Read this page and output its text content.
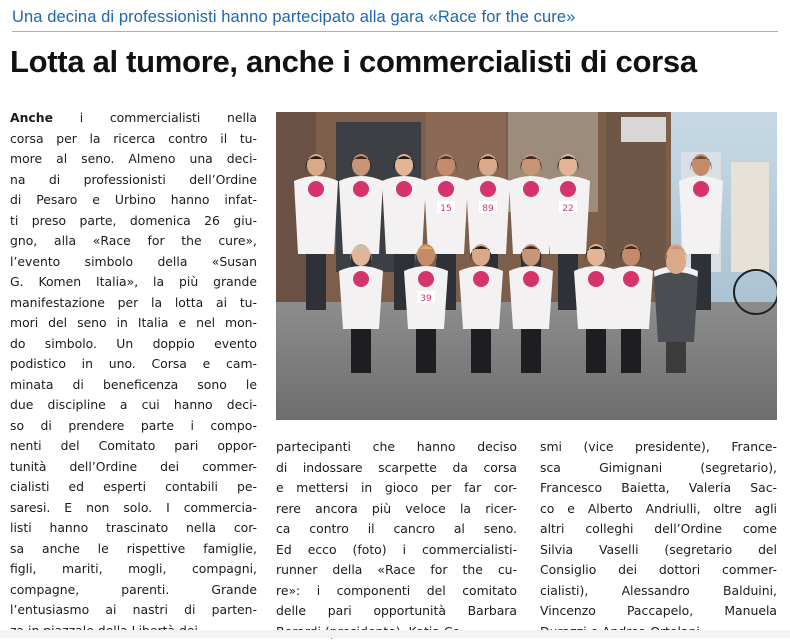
Una decina di professionisti hanno partecipato alla gara «Race for the cure»
Lotta al tumore, anche i commercialisti di corsa
Anche i commercialisti nella
corsa per la ricerca contro il tu-
more al seno. Almeno una deci-
na di professionisti dell’Ordine
di Pesaro e Urbino hanno infat-
ti preso parte, domenica 26 giu-
gno, alla «Race for the cure»,
l’evento simbolo della «Susan
G. Komen Italia», la più grande
manifestazione per la lotta ai tu-
mori del seno in Italia e nel mon-
do simbolo. Un doppio evento
podistico in uno. Corsa e cam-
minata di beneficenza sono le
due discipline a cui hanno deci-
so di prendere parte i compo-
nenti del Comitato pari oppor-
tunità dell’Ordine dei commer-
cialisti ed esperti contabili pe-
saresi. E non solo. I commercia-
listi hanno trascinato nella cor-
sa anche le rispettive famiglie,
figli, mariti, mogli, compagni,
compagne, parenti. Grande
l’entusiasmo ai nastri di parten-
15	89	22
39
partecipanti che hanno deciso
di indossare scarpette da corsa
e mettersi in gioco per far cor-
rere ancora più veloce la ricer-
ca contro il cancro al seno.
Ed ecco (foto) i commercialisti-
runner della «Race for the cu-
re»: i componenti del comitato
delle pari opportunità Barbara
smi (vice presidente), France-
sca Gimignani (segretario),
Francesco Baietta, Valeria Sac-
co e Alberto Andriulli, oltre agli
altri colleghi dell’Ordine come
Silvia Vaselli (segretario del
Consiglio dei dottori commer-
cialisti), Alessandro Balduini,
Vincenzo Paccapelo, Manuela
